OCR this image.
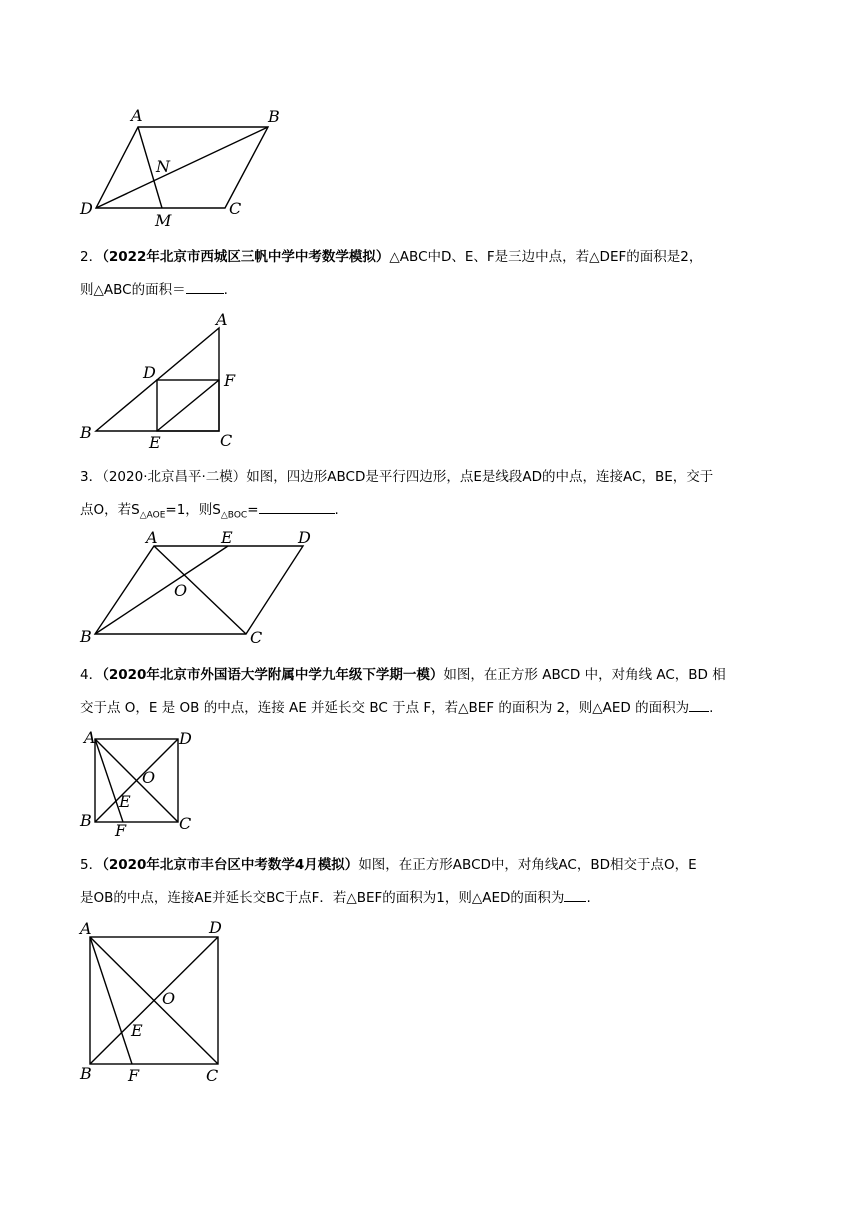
A	B
C
D
N
M
2．（2022年北京市西城区三帆中学中考数学模拟）△ABC中D、E、F是三边中点，若△DEF的面积是2，
则△ABC的面积＝	.
A
B	C
D
E
F
3．（2020·北京昌平·二模）如图，四边形ABCD是平行四边形，点E是线段AD的中点，连接AC，BE，交于
点O，若$S_{\triangle AOE}=1$，则$S_{\triangle BOC}=$	.
A	E	D
O
B	C
4．（2020年北京市外国语大学附属中学九年级下学期一模）如图，在正方形 ABCD 中，对角线 AC，BD 相
交于点 O，E 是 OB 的中点，连接 AE 并延长交 BC 于点 F，若△BEF 的面积为 2，则△AED 的面积为 .
A	D
O
E
B
F	C
5．（2020年北京市丰台区中考数学4月模拟）如图，在正方形ABCD中，对角线AC，BD相交于点O，E
是OB的中点，连接AE并延长交BC于点F．若△BEF的面积为1，则△AED的面积为 .
A	D
O
E
B F	C
